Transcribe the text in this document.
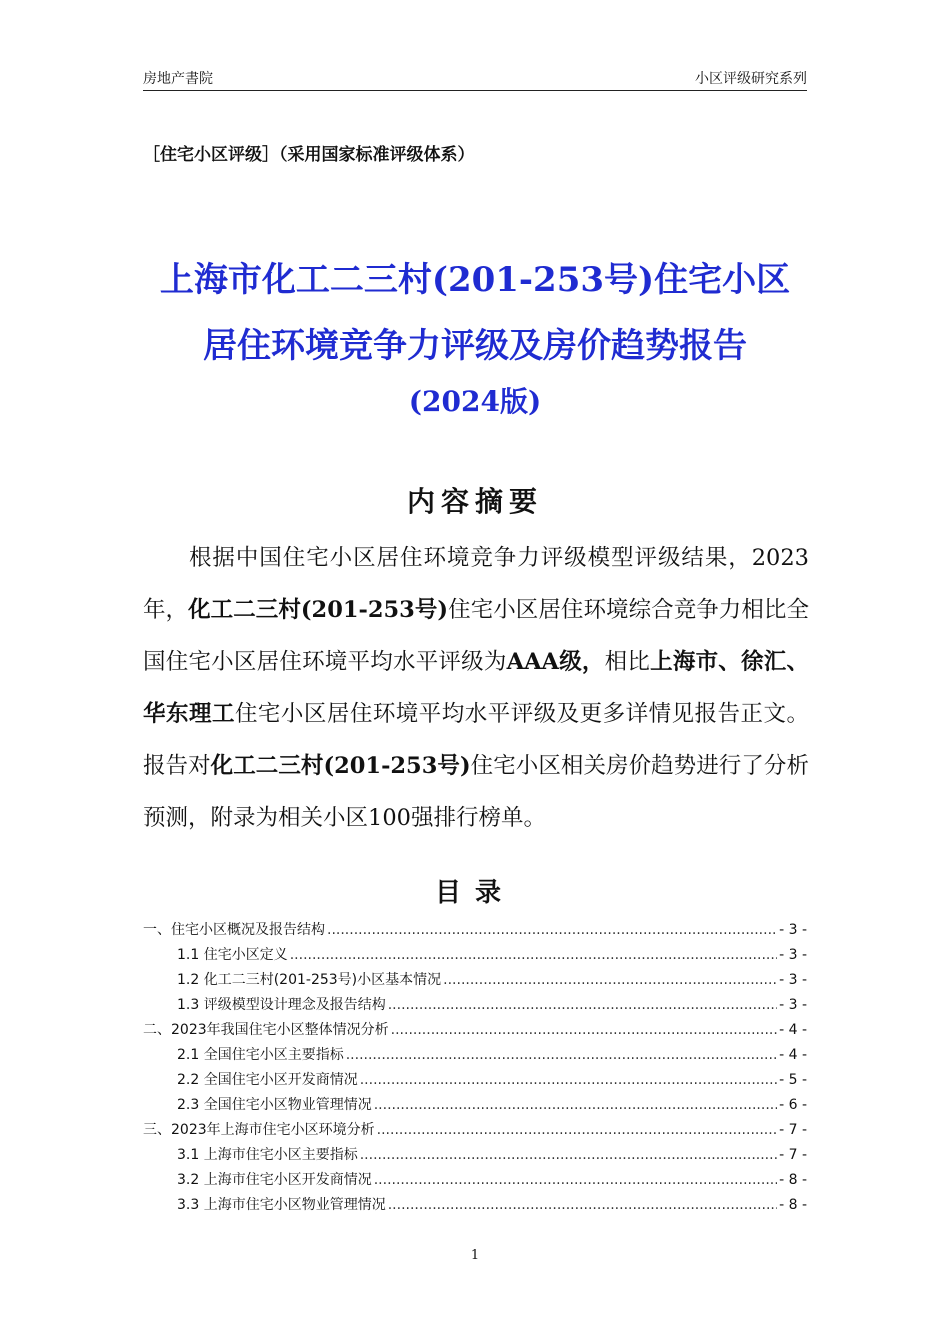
房地产書院	小区评级研究系列
［住宅小区评级］（采用国家标准评级体系）
上海市化工二三村(201-253号)住宅小区
居住环境竞争力评级及房价趋势报告
(2024版)
内容摘要
根据中国住宅小区居住环境竞争力评级模型评级结果，2023年，化工二三村(201-253号)住宅小区居住环境综合竞争力相比全国住宅小区居住环境平均水平评级为AAA级，相比上海市、徐汇、华东理工住宅小区居住环境平均水平评级及更多详情见报告正文。报告对化工二三村(201-253号)住宅小区相关房价趋势进行了分析预测，附录为相关小区100强排行榜单。
目录
一、住宅小区概况及报告结构 .....	- 3 -
1.1 住宅小区定义 .....	- 3 -
1.2 化工二三村(201-253号)小区基本情况 .....	- 3 -
1.3 评级模型设计理念及报告结构 .....	- 3 -
二、2023年我国住宅小区整体情况分析 .....	- 4 -
2.1 全国住宅小区主要指标 .....	- 4 -
2.2 全国住宅小区开发商情况 .....	- 5 -
2.3 全国住宅小区物业管理情况 .....	- 6 -
三、2023年上海市住宅小区环境分析 .....	- 7 -
3.1 上海市住宅小区主要指标 .....	- 7 -
3.2 上海市住宅小区开发商情况 .....	- 8 -
3.3 上海市住宅小区物业管理情况 .....	- 8 -
1
